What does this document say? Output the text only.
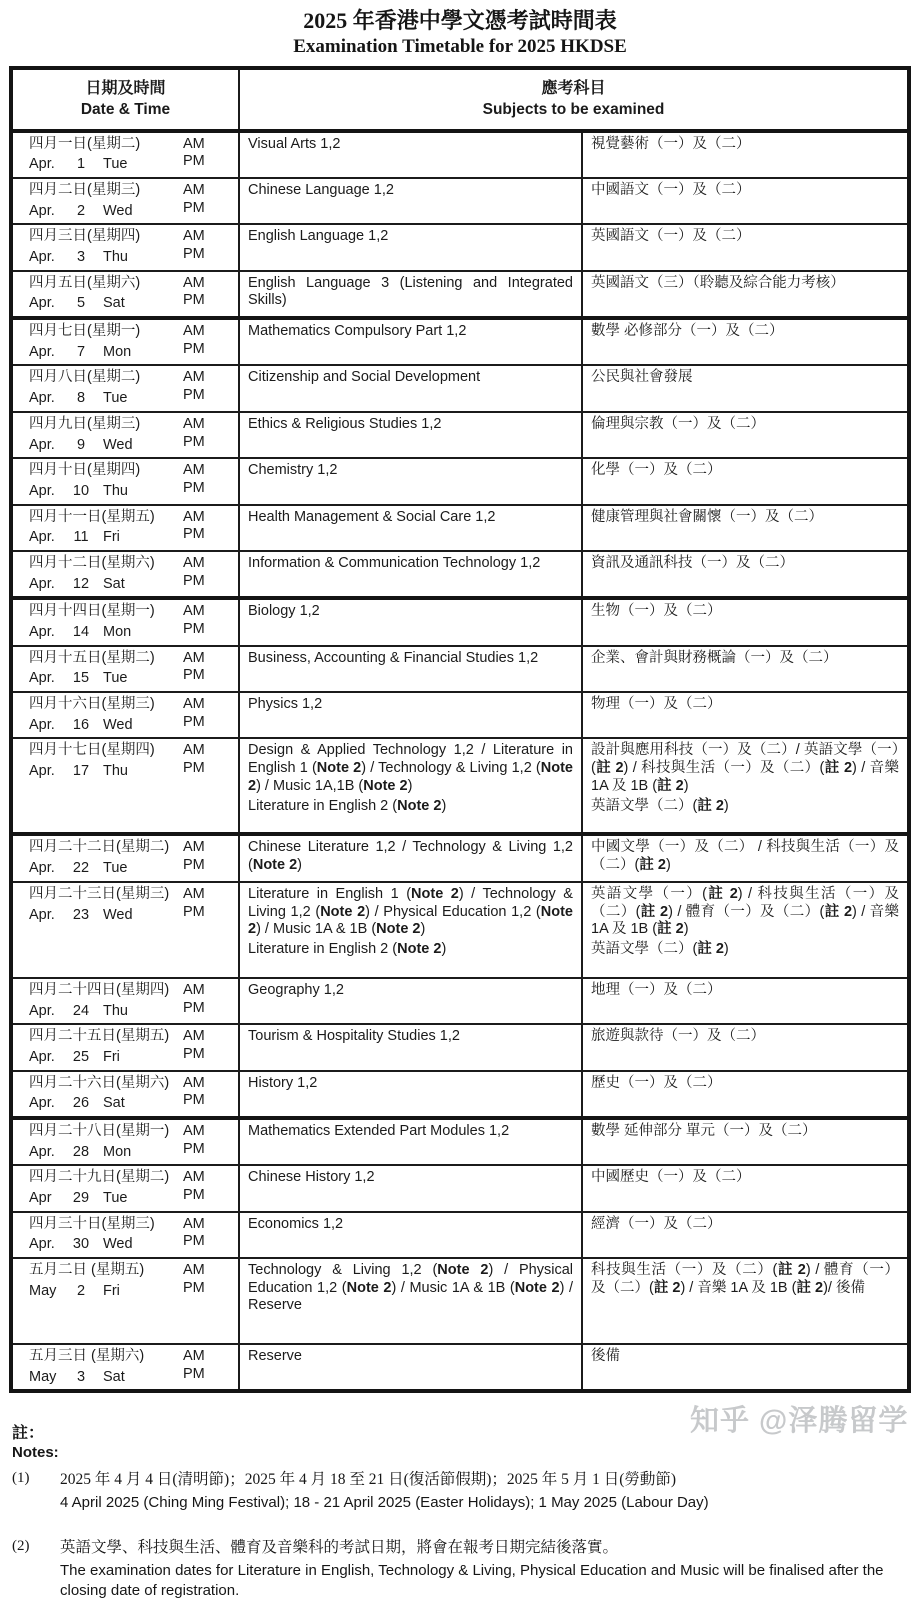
2025 年香港中學文憑考試時間表
Examination Timetable for 2025 HKDSE
日期及時間
Date & Time

應考科目
Subjects to be examined

四月一日(星期二)
Apr.	1	Tue

AM
PM

Visual Arts 1,2	視覺藝術（一）及（二）

四月二日(星期三)
Apr.	2	Wed

AM
PM

Chinese Language 1,2	中國語文（一）及（二）

四月三日(星期四)
Apr.	3	Thu

AM
PM

English Language 1,2	英國語文（一）及（二）

四月五日(星期六)
Apr.	5	Sat

AM
PM

English Language 3 (Listening and Integrated Skills)

英國語文（三）（聆聽及綜合能力考核）

四月七日(星期一)
Apr.	7	Mon

AM
PM

Mathematics Compulsory Part 1,2	數學 必修部分（一）及（二）

四月八日(星期二)
Apr.	8	Tue

AM
PM

Citizenship and Social Development	公民與社會發展

四月九日(星期三)
Apr.	9	Wed

AM
PM

Ethics & Religious Studies 1,2	倫理與宗教（一）及（二）

四月十日(星期四)
Apr.	10 Thu

AM
PM

Chemistry 1,2	化學（一）及（二）

四月十一日(星期五)
Apr.	11 Fri

AM
PM

Health Management & Social Care 1,2	健康管理與社會關懷（一）及（二）

四月十二日(星期六)
Apr.	12 Sat

AM
PM

Information & Communication Technology 1,2	資訊及通訊科技（一）及（二）

四月十四日(星期一)
Apr.	14 Mon

AM
PM

Biology 1,2	生物（一）及（二）

四月十五日(星期二)
Apr.	15 Tue

AM
PM

Business, Accounting & Financial Studies 1,2	企業、會計與財務概論（一）及（二）

四月十六日(星期三)
Apr.	16 Wed

AM
PM

Physics 1,2	物理（一）及（二）

四月十七日(星期四)
Apr.	17 Thu

AM
PM

Design & Applied Technology 1,2 / Literature in English 1 (Note 2) / Technology & Living 1,2 (Note 2) / Music 1A,1B (Note 2)
Literature in English 2 (Note 2)

設計與應用科技（一）及（二）/ 英語文學（一）(註 2) / 科技與生活（一）及（二）(註 2) / 音樂 1A 及 1B (註 2)
英語文學（二）(註 2)

四月二十二日(星期二)
Apr.	22 Tue

AM
PM

Chinese Literature 1,2 / Technology & Living 1,2 (Note 2)

中國文學（一）及（二） / 科技與生活（一）及（二）(註 2)

四月二十三日(星期三)
Apr.	23 Wed

AM
PM

Literature in English 1 (Note 2) / Technology & Living 1,2 (Note 2) / Physical Education 1,2 (Note 2) / Music 1A & 1B (Note 2)
Literature in English 2 (Note 2)

英語文學（一）(註 2) / 科技與生活（一）及（二）(註 2) / 體育（一）及（二）(註 2) / 音樂 1A 及 1B (註 2)
英語文學（二）(註 2)

四月二十四日(星期四)
Apr.	24 Thu

AM
PM

Geography 1,2	地理（一）及（二）

四月二十五日(星期五)
Apr.	25 Fri

AM
PM

Tourism & Hospitality Studies 1,2	旅遊與款待（一）及（二）

四月二十六日(星期六)
Apr.	26 Sat

AM
PM

History 1,2	歷史（一）及（二）

四月二十八日(星期一)
Apr.	28 Mon

AM
PM

Mathematics Extended Part Modules 1,2	數學 延伸部分 單元（一）及（二）

四月二十九日(星期二)
Apr	29 Tue

AM
PM

Chinese History 1,2	中國歷史（一）及（二）

四月三十日(星期三)
Apr.	30 Wed

AM
PM

Economics 1,2	經濟（一）及（二）

五月二日 (星期五)
May	2	Fri

AM
PM

Technology & Living 1,2 (Note 2) / Physical Education 1,2 (Note 2) / Music 1A & 1B (Note 2) / Reserve

科技與生活（一）及（二）(註 2) / 體育（一）及（二）(註 2) / 音樂 1A 及 1B (註 2)/ 後備

五月三日 (星期六)
May	3	Sat

AM
PM

Reserve	後備
註：
Notes:
(1)	2025 年 4 月 4 日(清明節)；2025 年 4 月 18 至 21 日(復活節假期)；2025 年 5 月 1 日(勞動節)
4 April 2025 (Ching Ming Festival); 18 - 21 April 2025 (Easter Holidays); 1 May 2025 (Labour Day)
(2)	英語文學、科技與生活、體育及音樂科的考試日期，將會在報考日期完結後落實。
The examination dates for Literature in English, Technology & Living, Physical Education and Music will be finalised after the closing date of registration.
知乎 @泽腾留学
